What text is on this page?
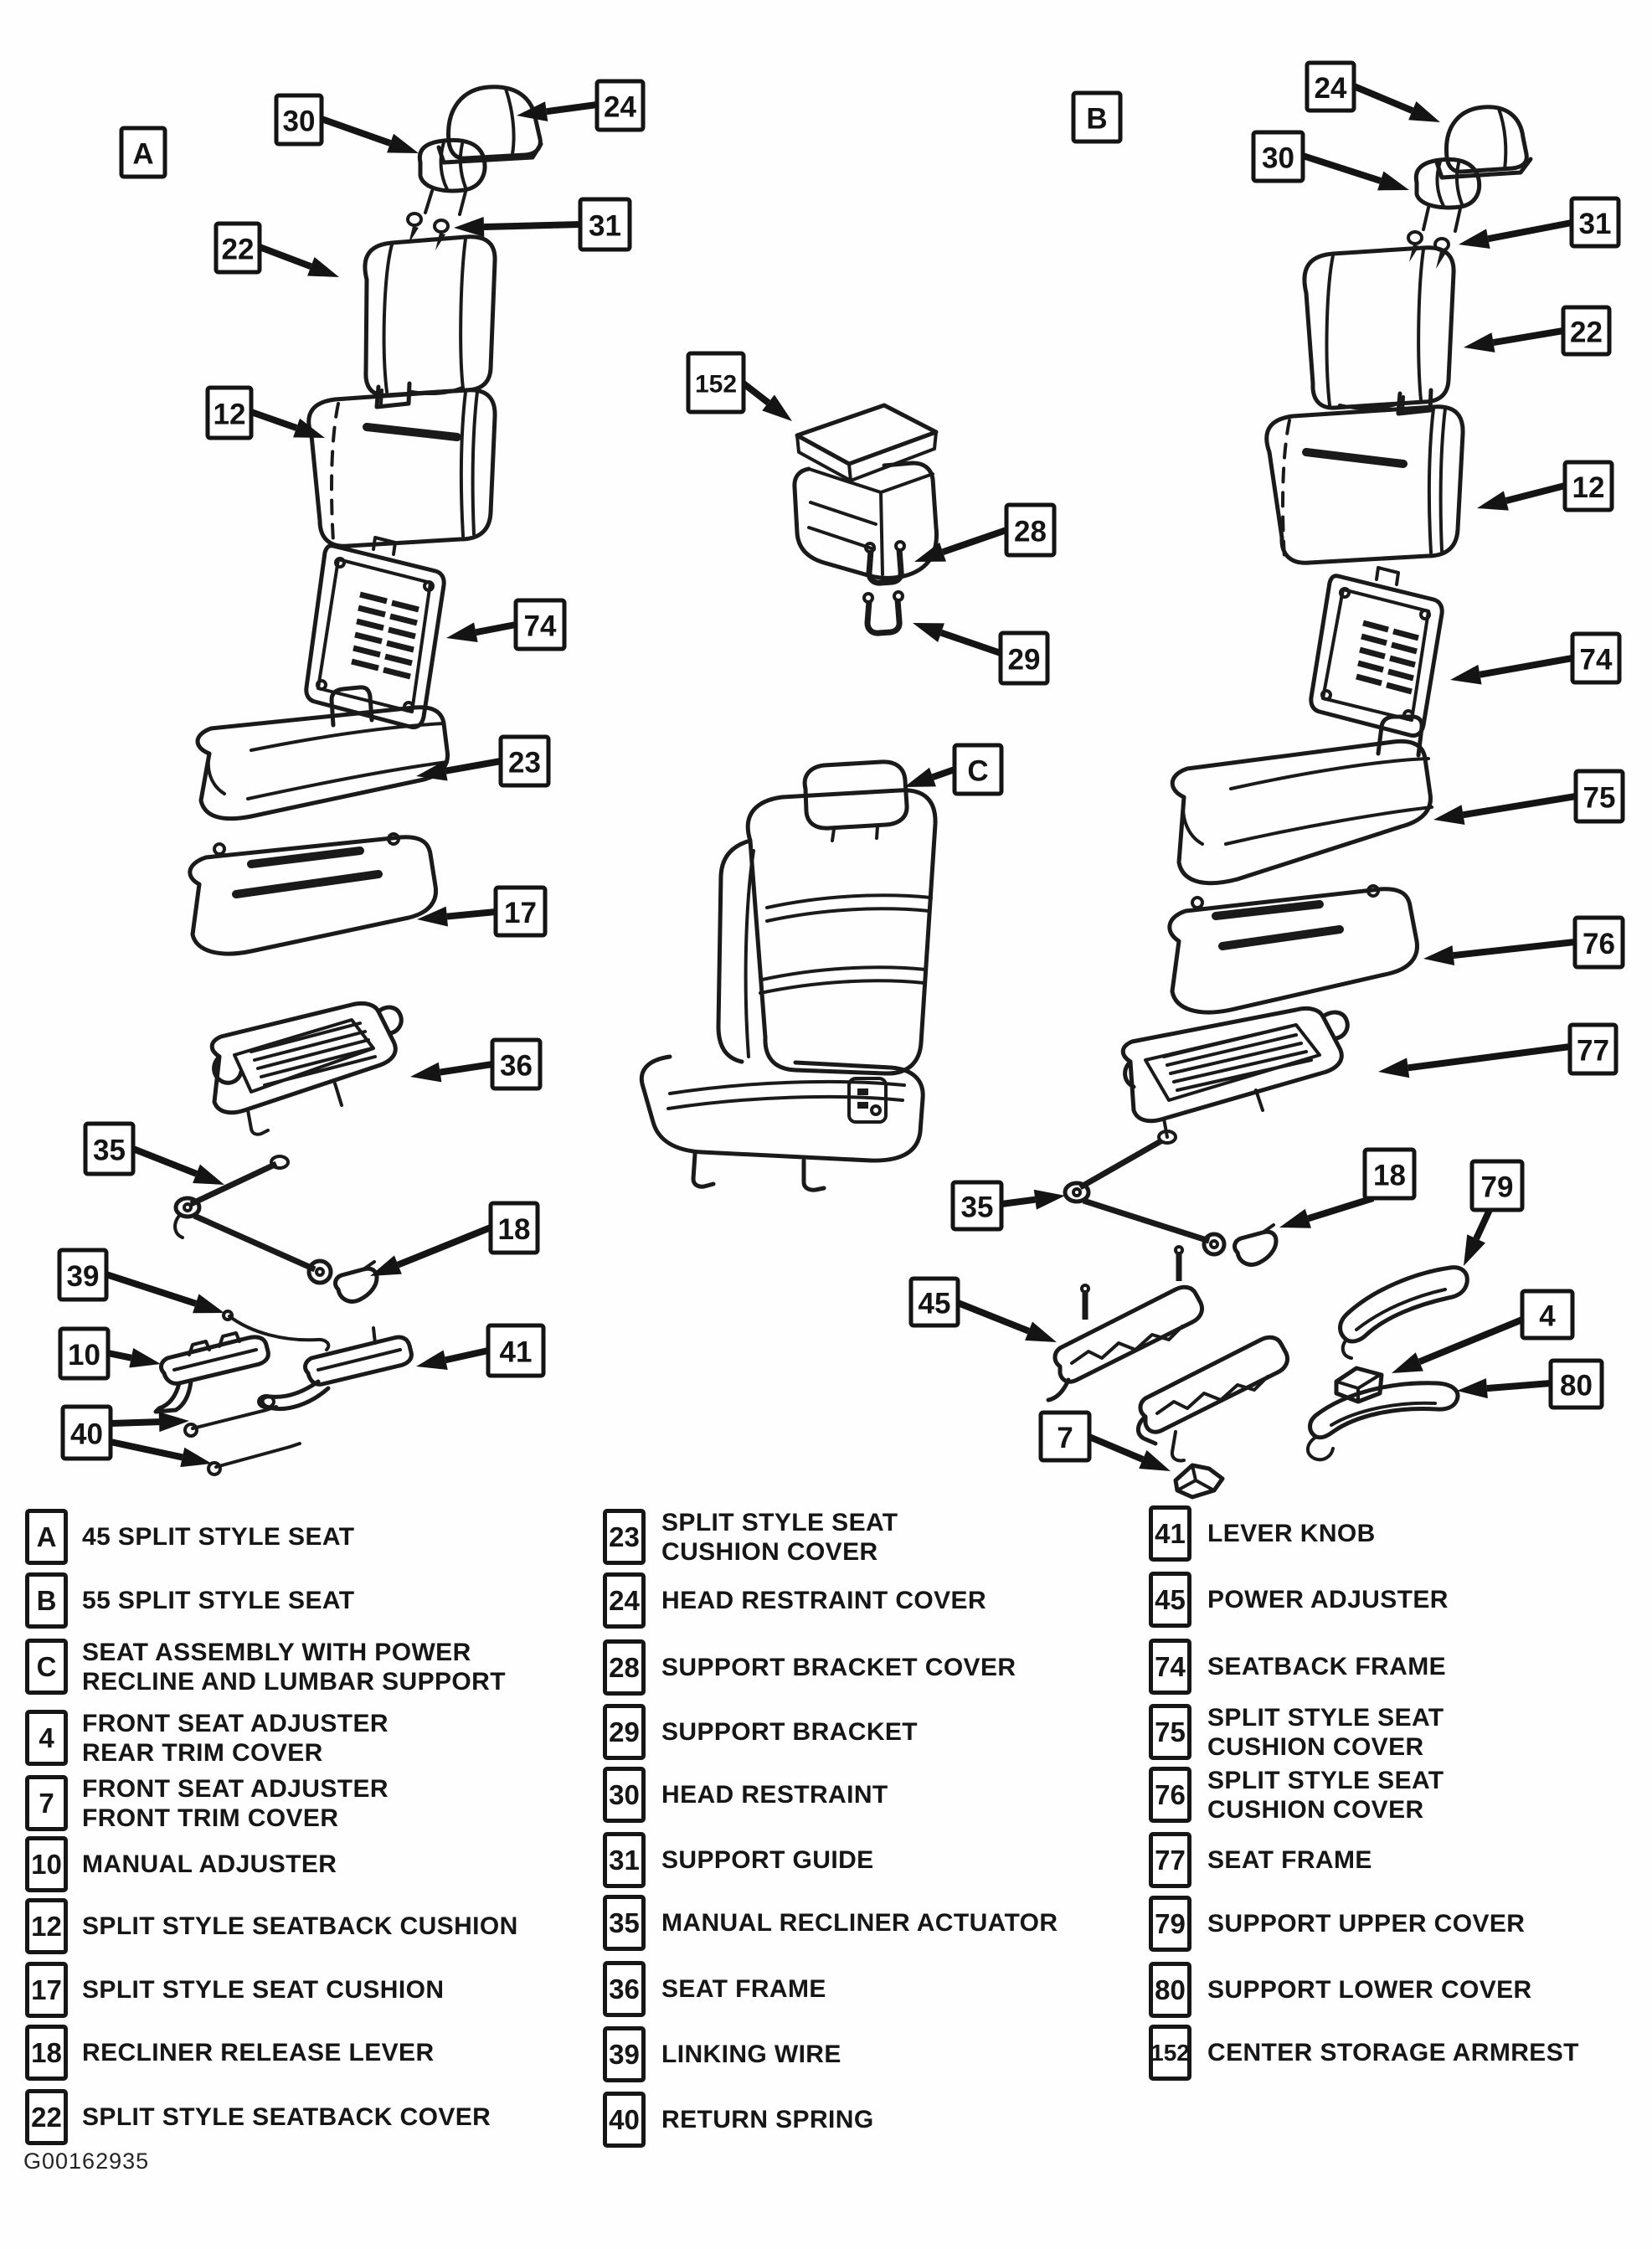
A
30	24
31
22
12
74
23
17
36
35
18
39
10	41
40
152
28
29
C
B
24
30
31
22
12
74
75
76
77
18	79
35
45	4
80
7
A	45 SPLIT STYLE SEAT
B	55 SPLIT STYLE SEAT
C	SEAT ASSEMBLY WITH POWER
RECLINE AND LUMBAR SUPPORT
4	FRONT SEAT ADJUSTER
REAR TRIM COVER
7	FRONT SEAT ADJUSTER
FRONT TRIM COVER
10 MANUAL ADJUSTER
12 SPLIT STYLE SEATBACK CUSHION
17 SPLIT STYLE SEAT CUSHION
18 RECLINER RELEASE LEVER
22 SPLIT STYLE SEATBACK COVER
23 SPLIT STYLE SEAT
CUSHION COVER
24 HEAD RESTRAINT COVER
28 SUPPORT BRACKET COVER
29 SUPPORT BRACKET
30 HEAD RESTRAINT
31 SUPPORT GUIDE
35 MANUAL RECLINER ACTUATOR
36 SEAT FRAME
39 LINKING WIRE
40 RETURN SPRING
41 LEVER KNOB
45 POWER ADJUSTER
74 SEATBACK FRAME
75 SPLIT STYLE SEAT
CUSHION COVER
76 SPLIT STYLE SEAT
CUSHION COVER
77 SEAT FRAME
79 SUPPORT UPPER COVER
80 SUPPORT LOWER COVER
152 CENTER STORAGE ARMREST
G00162935
